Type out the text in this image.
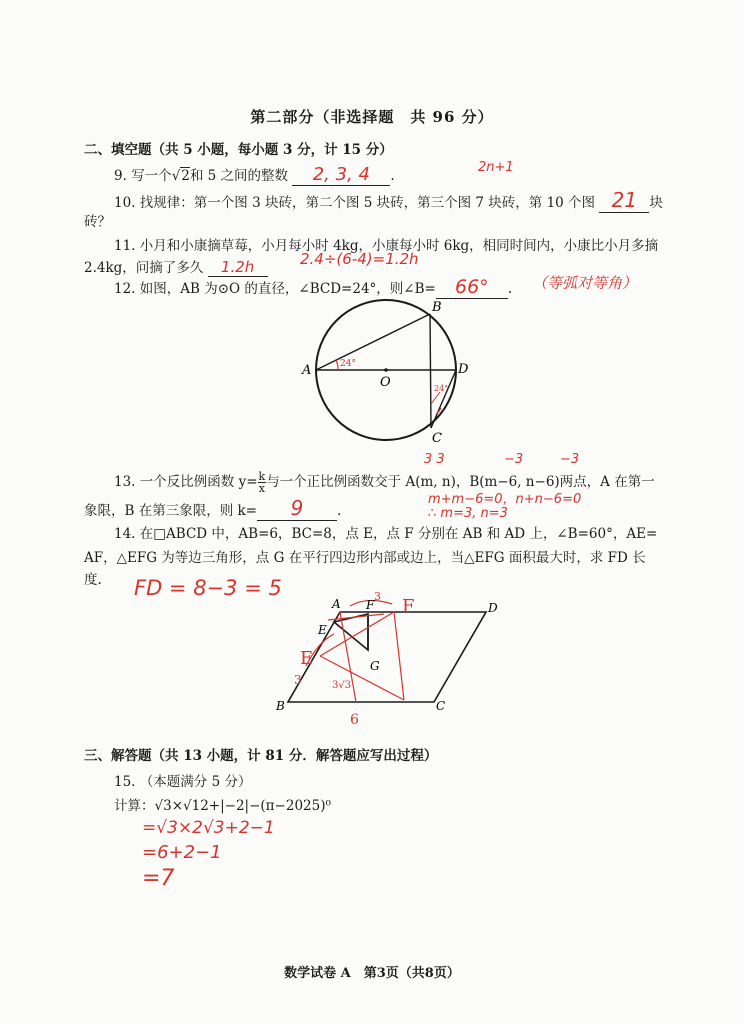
第二部分（非选择题　共 96 分）
二、填空题（共 5 小题，每小题 3 分，计 15 分）
9. 写一个√2和 5 之间的整数 2, 3, 4 .
2n+1
10. 找规律：第一个图 3 块砖，第二个图 5 块砖，第三个图 7 块砖，第 10 个图 21 块
砖？
11. 小月和小康摘草莓，小月每小时 4kg，小康每小时 6kg，相同时间内，小康比小月多摘
2.4kg，问摘了多久 1.2h	2.4÷(6-4)=1.2h
12. 如图，AB 为⊙O 的直径，∠BCD=24°，则∠B= 66° . （等弧对等角）
A
B
D
C
O
24°
24°
3 3	−3	−3
13. 一个反比例函数 $y= \frac{k}{x}$ 与一个正比例函数交于 A(m, n)，B(m−6, n−6)两点，A 在第一
象限，B 在第三象限，则 k= 9 .
m+m−6=0，n+n−6=0
∴ m=3, n=3
14. 在□ABCD 中，AB=6，BC=8，点 E，点 F 分别在 AB 和 AD 上，∠B=60°，AE=
AF，△EFG 为等边三角形，点 G 在平行四边形内部或边上，当△EFG 面积最大时，求 FD 长
度. FD = 8−3 = 5
A F	D
E
G
B	C
E
F
3
3	3√3
6
三、解答题（共 13 小题，计 81 分．解答题应写出过程）
15. （本题满分 5 分）
计算：√3×√12+|−2|−(π−2025)⁰
=√3×2√3+2−1
=6+2−1
=7
数学试卷 A　第3页（共8页）
